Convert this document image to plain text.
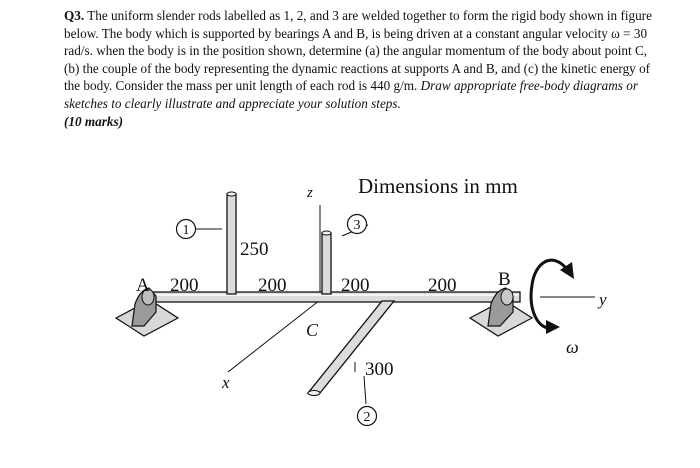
Q3. The uniform slender rods labelled as 1, 2, and 3 are welded together to form the rigid body shown in figure below. The body which is supported by bearings A and B, is being driven at a constant angular velocity ω = 30 rad/s. when the body is in the position shown, determine (a) the angular momentum of the body about point C, (b) the couple of the body representing the dynamic reactions at supports A and B, and (c) the kinetic energy of the body. Consider the mass per unit length of each rod is 440 g/m. Draw appropriate free-body diagrams or sketches to clearly illustrate and appreciate your solution steps.
(10 marks)
Dimensions in mm
z
x
y
A	B
C
ω
250
200	200	200	200
300
1	3
2
